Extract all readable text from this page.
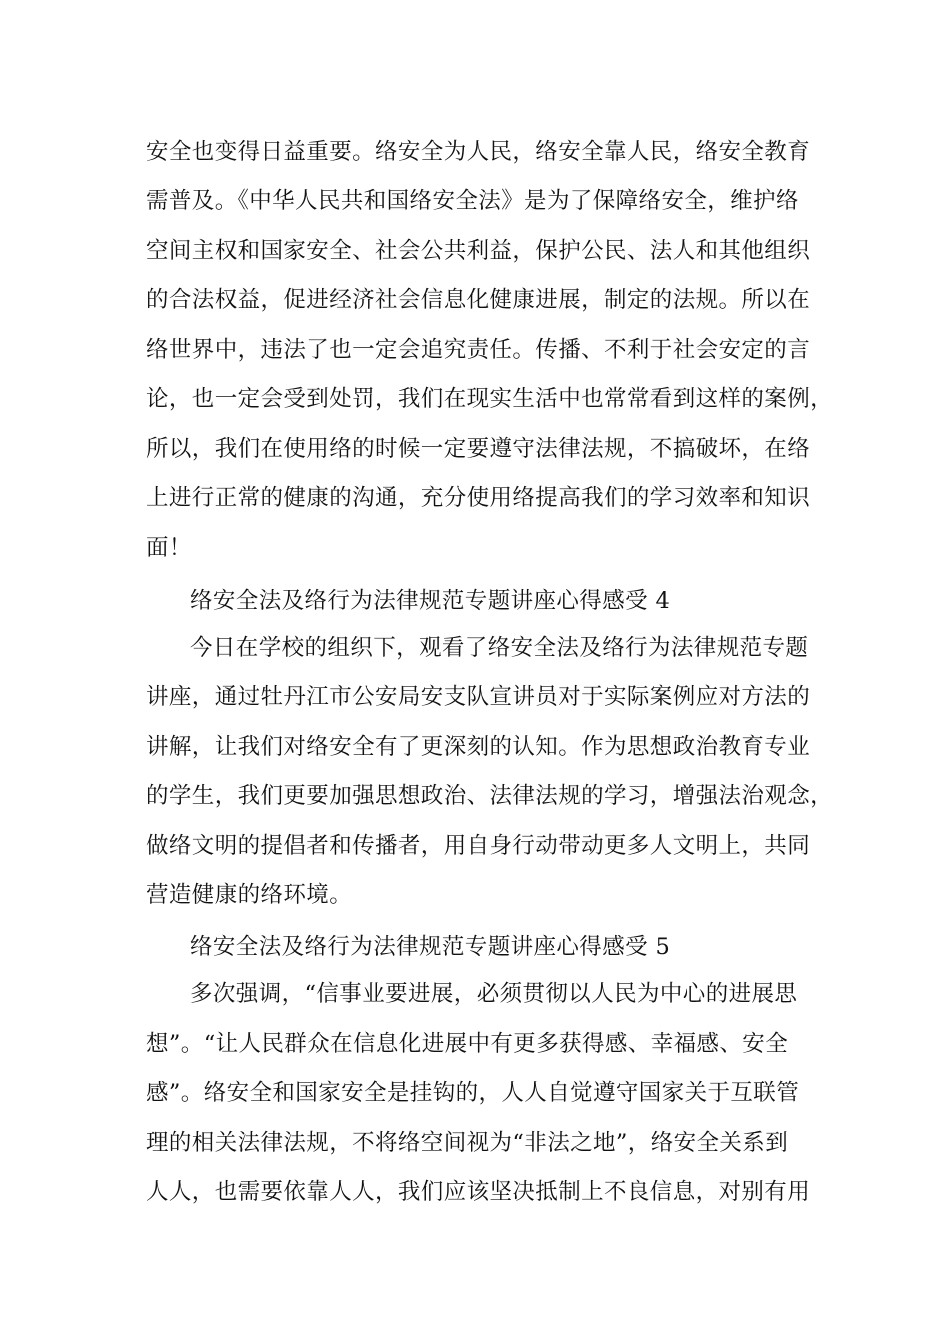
安全也变得日益重要。络安全为人民，络安全靠人民，络安全教育
需普及。《中华人民共和国络安全法》是为了保障络安全，维护络
空间主权和国家安全、社会公共利益，保护公民、法人和其他组织
的合法权益，促进经济社会信息化健康进展，制定的法规。所以在
络世界中，违法了也一定会追究责任。传播、不利于社会安定的言
论，也一定会受到处罚，我们在现实生活中也常常看到这样的案例，
所以，我们在使用络的时候一定要遵守法律法规，不搞破坏，在络
上进行正常的健康的沟通，充分使用络提高我们的学习效率和知识
面！
络安全法及络行为法律规范专题讲座心得感受 4
今日在学校的组织下，观看了络安全法及络行为法律规范专题
讲座，通过牡丹江市公安局安支队宣讲员对于实际案例应对方法的
讲解，让我们对络安全有了更深刻的认知。作为思想政治教育专业
的学生，我们更要加强思想政治、法律法规的学习，增强法治观念，
做络文明的提倡者和传播者，用自身行动带动更多人文明上，共同
营造健康的络环境。
络安全法及络行为法律规范专题讲座心得感受 5
多次强调，“信事业要进展，必须贯彻以人民为中心的进展思
想”。“让人民群众在信息化进展中有更多获得感、幸福感、安全
感”。络安全和国家安全是挂钩的，人人自觉遵守国家关于互联管
理的相关法律法规，不将络空间视为“非法之地”，络安全关系到
人人，也需要依靠人人，我们应该坚决抵制上不良信息，对别有用
